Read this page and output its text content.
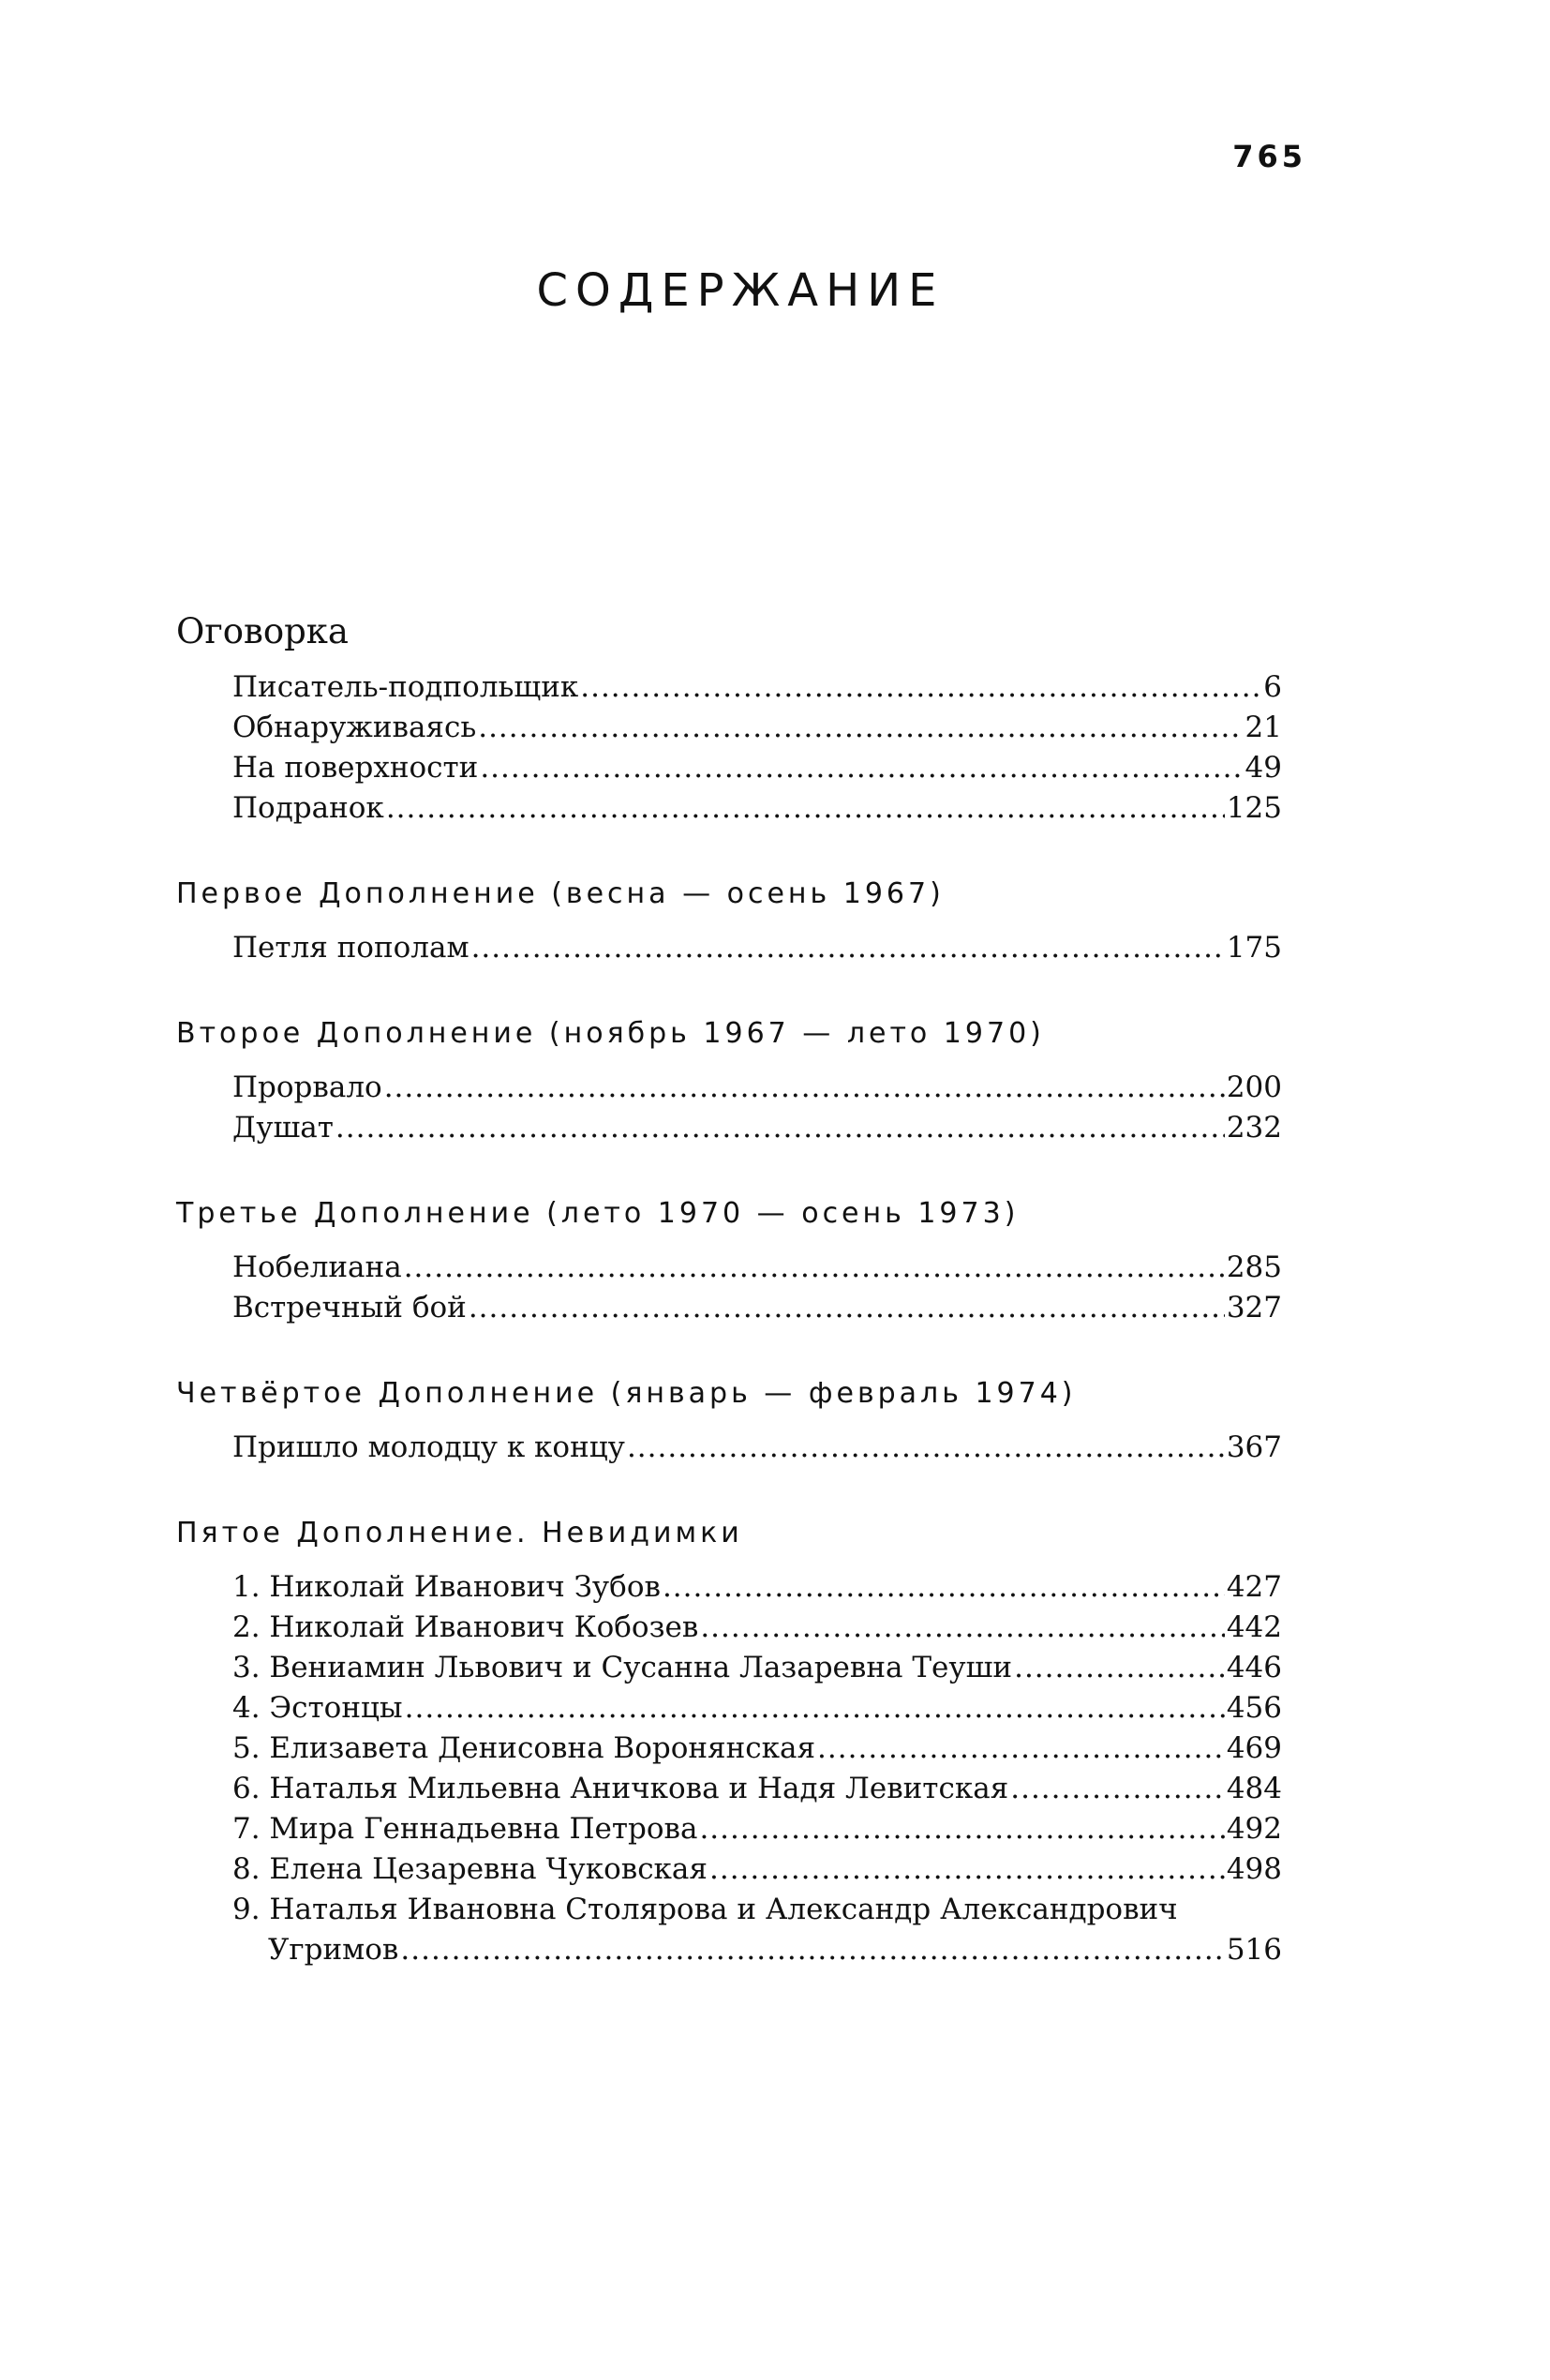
765
СОДЕРЖАНИЕ
Оговорка
Писатель-подпольщик .....	6
Обнаруживаясь .....	21
На поверхности .....	49
Подранок .....	125
Первое Дополнение (весна — осень 1967)
Петля пополам .....	175
Второе Дополнение (ноябрь 1967 — лето 1970)
Прорвало .....	200
Душат .....	232
Третье Дополнение (лето 1970 — осень 1973)
Нобелиана .....	285
Встречный бой .....	327
Четвёртое Дополнение (январь — февраль 1974)
Пришло молодцу к концу .....	367
Пятое Дополнение. Невидимки
1. Николай Иванович Зубов .....	427
2. Николай Иванович Кобозев .....	442
3. Вениамин Львович и Сусанна Лазаревна Теуши .....	446
4. Эстонцы .....	456
5. Елизавета Денисовна Воронянская .....	469
6. Наталья Мильевна Аничкова и Надя Левитская .....	484
7. Мира Геннадьевна Петрова .....	492
8. Елена Цезаревна Чуковская .....	498
9. Наталья Ивановна Столярова и Александр Александрович
Угримов .....	516
